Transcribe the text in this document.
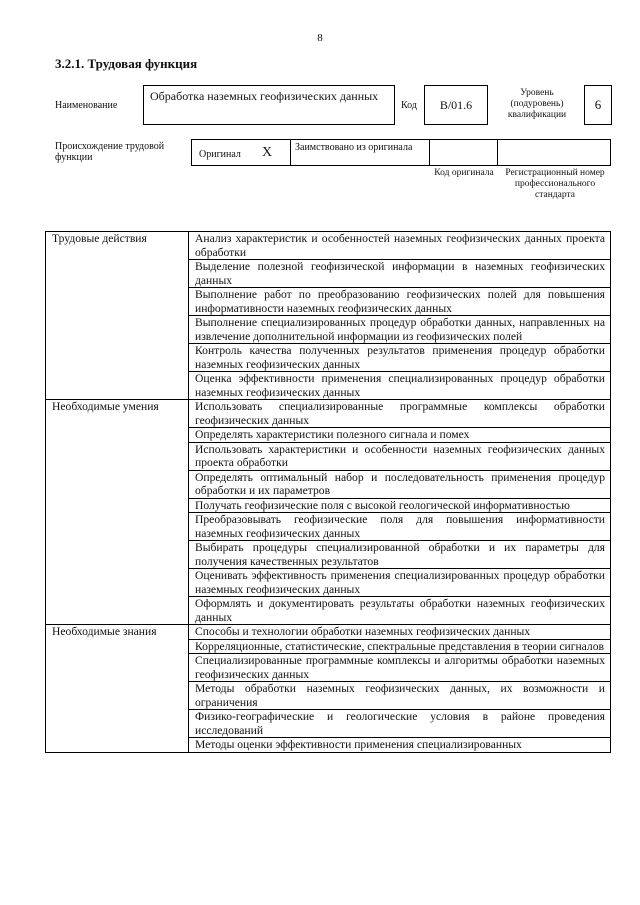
8
3.2.1. Трудовая функция
Наименование
Обработка наземных геофизических данных
Код	B/01.6
Уровень (подуровень) квалификации
6
Происхождение трудовой функции	Оригинал X Заимствовано из оригинала
Код оригинала	Регистрационный номер профессионального стандарта
Трудовые действия	Анализ характеристик и особенностей наземных геофизических данных проекта обработки
	Выделение полезной геофизической информации в наземных геофизических данных
	Выполнение работ по преобразованию геофизических полей для повышения информативности наземных геофизических данных
	Выполнение специализированных процедур обработки данных, направленных на извлечение дополнительной информации из геофизических полей
	Контроль качества полученных результатов применения процедур обработки наземных геофизических данных
	Оценка эффективности применения специализированных процедур обработки наземных геофизических данных
Необходимые умения	Использовать специализированные программные комплексы обработки геофизических данных
	Определять характеристики полезного сигнала и помех
	Использовать характеристики и особенности наземных геофизических данных проекта обработки
	Определять оптимальный набор и последовательность применения процедур обработки и их параметров
	Получать геофизические поля с высокой геологической информативностью
	Преобразовывать геофизические поля для повышения информативности наземных геофизических данных
	Выбирать процедуры специализированной обработки и их параметры для получения качественных результатов
	Оценивать эффективность применения специализированных процедур обработки наземных геофизических данных
	Оформлять и документировать результаты обработки наземных геофизических данных
Необходимые знания	Способы и технологии обработки наземных геофизических данных
	Корреляционные, статистические, спектральные представления в теории сигналов
	Специализированные программные комплексы и алгоритмы обработки наземных геофизических данных
	Методы обработки наземных геофизических данных, их возможности и ограничения
	Физико-географические и геологические условия в районе проведения исследований
	Методы оценки эффективности применения специализированных
